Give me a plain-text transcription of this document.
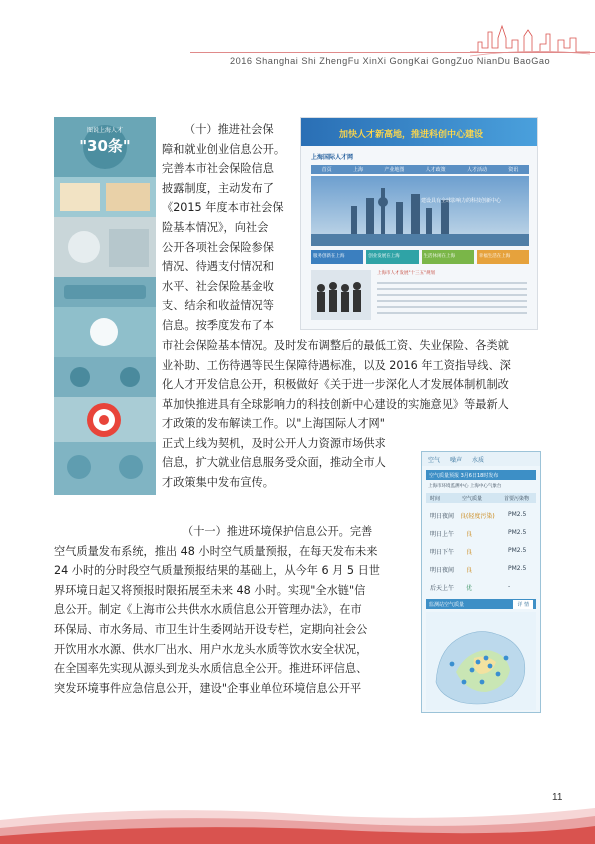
2016 Shanghai Shi ZhengFu XinXi GongKai GongZuo NianDu BaoGao
图说上海人才
"30条"
加快人才新高地，推进科创中心建设
上海国际人才网
首页	上海	产业地图	人才政策	人才活动	资讯
建设具有全球影响力的科技创新中心
服务创新在上海	创业发展在上海	生活休闲在上海	幸福生活在上海
上海市人才发展"十三五"规划
空气 噪声 水质
空气质量预报 3月6日18时发布
上海市环境监测中心 上海中心气象台
时间	空气质量	首要污染物
明日夜间 良(轻度污染) PM2.5
明日上午 良	PM2.5
明日下午 良	PM2.5
明日夜间 良	PM2.5
后天上午 优	-
监测站空气质量	详 情
（十）推进社会保
障和就业创业信息公开。
完善本市社会保险信息
披露制度，主动发布了
《2015 年度本市社会保
险基本情况》，向社会
公开各项社会保险参保
情况、待遇支付情况和
水平、社会保险基金收
支、结余和收益情况等
信息。按季度发布了本
市社会保险基本情况。及时发布调整后的最低工资、失业保险、各类就
业补助、工伤待遇等民生保障待遇标准，以及 2016 年工资指导线、深
化人才开发信息公开，积极做好《关于进一步深化人才发展体制机制改
革加快推进具有全球影响力的科技创新中心建设的实施意见》等最新人
才政策的发布解读工作。以"上海国际人才网"
正式上线为契机，及时公开人力资源市场供求
信息，扩大就业信息服务受众面，推动全市人
才政策集中发布宣传。
（十一）推进环境保护信息公开。完善
空气质量发布系统，推出 48 小时空气质量预报，在每天发布未来
24 小时的分时段空气质量预报结果的基础上，从今年 6 月 5 日世
界环境日起又将预报时限拓展至未来 48 小时。实现"全水链"信
息公开。制定《上海市公共供水水质信息公开管理办法》，在市
环保局、市水务局、市卫生计生委网站开设专栏，定期向社会公
开饮用水水源、供水厂出水、用户水龙头水质等饮水安全状况，
在全国率先实现从源头到龙头水质信息全公开。推进环评信息、
突发环境事件应急信息公开，建设"企事业单位环境信息公开平
11
